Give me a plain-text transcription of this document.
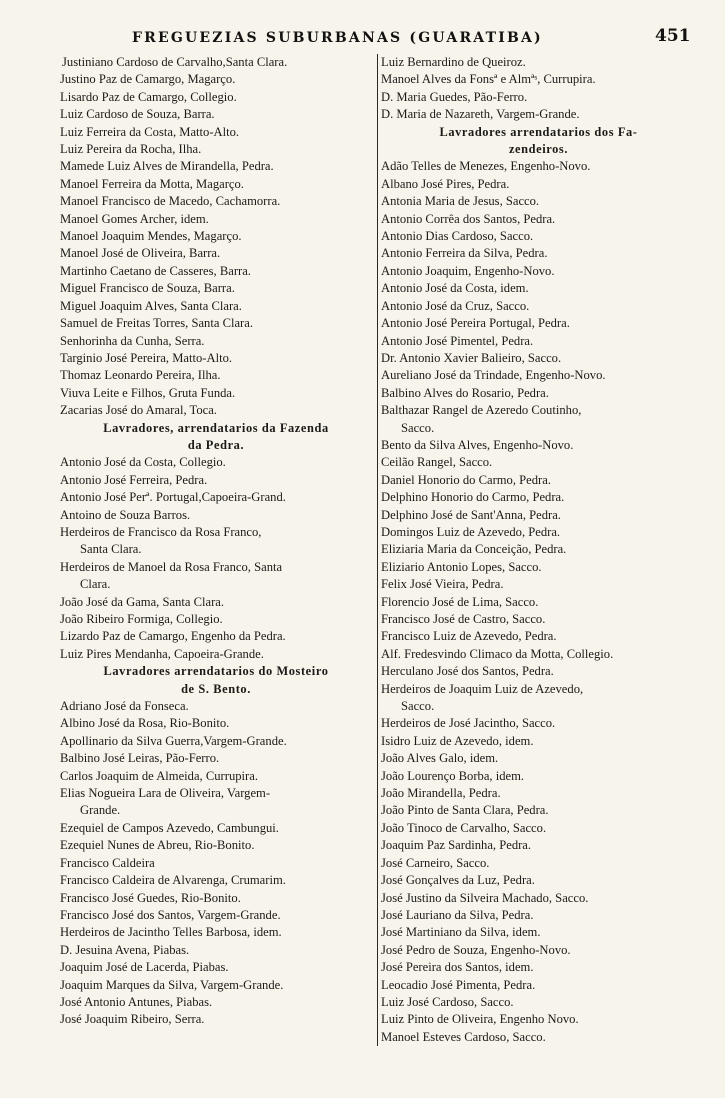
FREGUEZIAS SUBURBANAS (GUARATIBA)	451
Justiniano Cardoso de Carvalho,Santa Clara.
Justino Paz de Camargo, Magarço.
Lisardo Paz de Camargo, Collegio.
Luiz Cardoso de Souza, Barra.
Luiz Ferreira da Costa, Matto-Alto.
Luiz Pereira da Rocha, Ilha.
Mamede Luiz Alves de Mirandella, Pedra.
Manoel Ferreira da Motta, Magarço.
Manoel Francisco de Macedo, Cachamorra.
Manoel Gomes Archer, idem.
Manoel Joaquim Mendes, Magarço.
Manoel José de Oliveira, Barra.
Martinho Caetano de Casseres, Barra.
Miguel Francisco de Souza, Barra.
Miguel Joaquim Alves, Santa Clara.
Samuel de Freitas Torres, Santa Clara.
Senhorinha da Cunha, Serra.
Targinio José Pereira, Matto-Alto.
Thomaz Leonardo Pereira, Ilha.
Viuva Leite e Filhos, Gruta Funda.
Zacarias José do Amaral, Toca.
Lavradores, arrendatarios da Fazenda
da Pedra.
Antonio José da Costa, Collegio.
Antonio José Ferreira, Pedra.
Antonio José Perª. Portugal,Capoeira-Grand.
Antoino de Souza Barros.
Herdeiros de Francisco da Rosa Franco,
Santa Clara.
Herdeiros de Manoel da Rosa Franco, Santa
Clara.
João José da Gama, Santa Clara.
João Ribeiro Formiga, Collegio.
Lizardo Paz de Camargo, Engenho da Pedra.
Luiz Pires Mendanha, Capoeira-Grande.
Lavradores arrendatarios do Mosteiro
de S. Bento.
Adriano José da Fonseca.
Albino José da Rosa, Rio-Bonito.
Apollinario da Silva Guerra,Vargem-Grande.
Balbino José Leiras, Pão-Ferro.
Carlos Joaquim de Almeida, Currupira.
Elias Nogueira Lara de Oliveira, Vargem-
Grande.
Ezequiel de Campos Azevedo, Cambungui.
Ezequiel Nunes de Abreu, Rio-Bonito.
Francisco Caldeira
Francisco Caldeira de Alvarenga, Crumarim.
Francisco José Guedes, Rio-Bonito.
Francisco José dos Santos, Vargem-Grande.
Herdeiros de Jacintho Telles Barbosa, idem.
D. Jesuina Avena, Piabas.
Joaquim José de Lacerda, Piabas.
Joaquim Marques da Silva, Vargem-Grande.
José Antonio Antunes, Piabas.
José Joaquim Ribeiro, Serra.
Luiz Bernardino de Queiroz.
Manoel Alves da Fonsª e Almªˢ, Currupira.
D. Maria Guedes, Pão-Ferro.
D. Maria de Nazareth, Vargem-Grande.
Lavradores arrendatarios dos Fa-
zendeiros.
Adão Telles de Menezes, Engenho-Novo.
Albano José Pires, Pedra.
Antonia Maria de Jesus, Sacco.
Antonio Corrêa dos Santos, Pedra.
Antonio Dias Cardoso, Sacco.
Antonio Ferreira da Silva, Pedra.
Antonio Joaquim, Engenho-Novo.
Antonio José da Costa, idem.
Antonio José da Cruz, Sacco.
Antonio José Pereira Portugal, Pedra.
Antonio José Pimentel, Pedra.
Dr. Antonio Xavier Balieiro, Sacco.
Aureliano José da Trindade, Engenho-Novo.
Balbino Alves do Rosario, Pedra.
Balthazar Rangel de Azeredo Coutinho,
Sacco.
Bento da Silva Alves, Engenho-Novo.
Ceilão Rangel, Sacco.
Daniel Honorio do Carmo, Pedra.
Delphino Honorio do Carmo, Pedra.
Delphino José de Sant'Anna, Pedra.
Domingos Luiz de Azevedo, Pedra.
Eliziaria Maria da Conceição, Pedra.
Eliziario Antonio Lopes, Sacco.
Felix José Vieira, Pedra.
Florencio José de Lima, Sacco.
Francisco José de Castro, Sacco.
Francisco Luiz de Azevedo, Pedra.
Alf. Fredesvindo Climaco da Motta, Collegio.
Herculano José dos Santos, Pedra.
Herdeiros de Joaquim Luiz de Azevedo,
Sacco.
Herdeiros de José Jacintho, Sacco.
Isidro Luiz de Azevedo, idem.
João Alves Galo, idem.
João Lourenço Borba, idem.
João Mirandella, Pedra.
João Pinto de Santa Clara, Pedra.
João Tinoco de Carvalho, Sacco.
Joaquim Paz Sardinha, Pedra.
José Carneiro, Sacco.
José Gonçalves da Luz, Pedra.
José Justino da Silveira Machado, Sacco.
José Lauriano da Silva, Pedra.
José Martiniano da Silva, idem.
José Pedro de Souza, Engenho-Novo.
José Pereira dos Santos, idem.
Leocadio José Pimenta, Pedra.
Luiz José Cardoso, Sacco.
Luiz Pinto de Oliveira, Engenho Novo.
Manoel Esteves Cardoso, Sacco.
